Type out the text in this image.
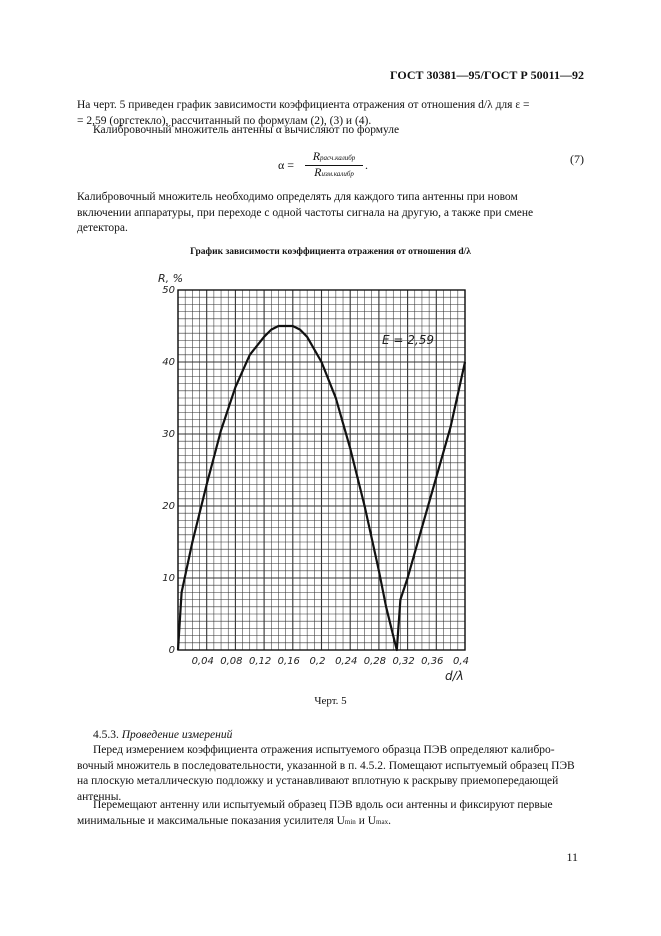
ГОСТ 30381—95/ГОСТ Р 50011—92
На черт. 5 приведен график зависимости коэффициента отражения от отношения d/λ для ε =
= 2,59 (оргстекло), рассчитанный по формулам (2), (3) и (4).
Калибровочный множитель антенны α вычисляют по формуле
α =
Rрасч.калибр
Rизм.калибр
.	(7)
Калибровочный множитель необходимо определять для каждого типа антенны при новом
включении аппаратуры, при переходе с одной частоты сигнала на другую, а также при смене
детектора.
График зависимости коэффициента отражения от отношения d/λ
0,04 0,08 0,12 0,16 0,2 0,24 0,28 0,32 0,36 0,4
0
10
20
30
40
50
R, %
d/λ
E = 2,59
Черт. 5
4.5.3. Проведение измерений
Перед измерением коэффициента отражения испытуемого образца ПЭВ определяют калибро-
вочный множитель в последовательности, указанной в п. 4.5.2. Помещают испытуемый образец ПЭВ
на плоскую металлическую подложку и устанавливают вплотную к раскрыву приемопередающей
антенны.
Перемещают антенну или испытуемый образец ПЭВ вдоль оси антенны и фиксируют первые
минимальные и максимальные показания усилителя Umin и Umax.
11
